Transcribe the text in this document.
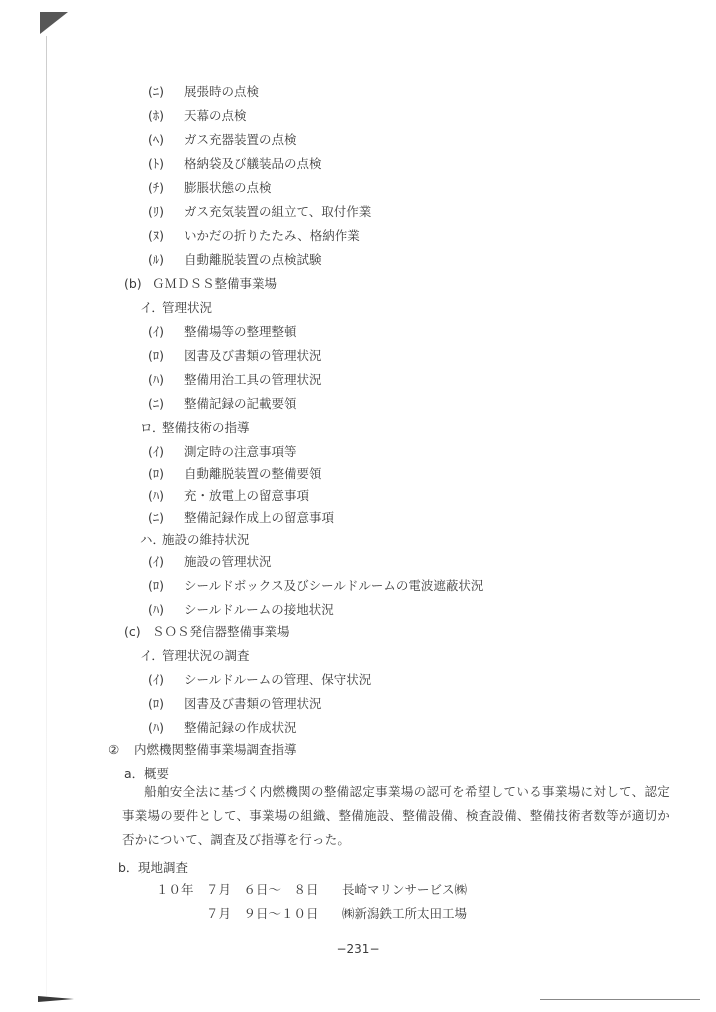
(ﾆ) 展張時の点検
(ﾎ) 天幕の点検
(ﾍ) ガス充器装置の点検
(ﾄ) 格納袋及び艤装品の点検
(ﾁ) 膨脹状態の点検
(ﾘ) ガス充気装置の組立て、取付作業
(ﾇ) いかだの折りたたみ、格納作業
(ﾙ) 自動離脱装置の点検試験
(b) ＧＭＤＳＳ整備事業場
イ．管理状況
(ｲ) 整備場等の整理整頓
(ﾛ) 図書及び書類の管理状況
(ﾊ) 整備用治工具の管理状況
(ﾆ) 整備記録の記載要領
ロ．整備技術の指導
(ｲ) 測定時の注意事項等
(ﾛ) 自動離脱装置の整備要領
(ﾊ) 充・放電上の留意事項
(ﾆ) 整備記録作成上の留意事項
ハ．施設の維持状況
(ｲ) 施設の管理状況
(ﾛ) シールドボックス及びシールドルームの電波遮蔽状況
(ﾊ) シールドルームの接地状況
(c) ＳＯＳ発信器整備事業場
イ．管理状況の調査
(ｲ) シールドルームの管理、保守状況
(ﾛ) 図書及び書類の管理状況
(ﾊ) 整備記録の作成状況
② 内燃機関整備事業場調査指導
a．概要
船舶安全法に基づく内燃機関の整備認定事業場の認可を希望している事業場に対して、認定事業場の要件として、事業場の組織、整備施設、整備設備、検査設備、整備技術者数等が適切か否かについて、調査及び指導を行った。
b．現地調査
１０年　７月　６日～　８日 長崎マリンサービス㈱
　　　　７月　９日～１０日 ㈱新潟鉄工所太田工場
−231−
